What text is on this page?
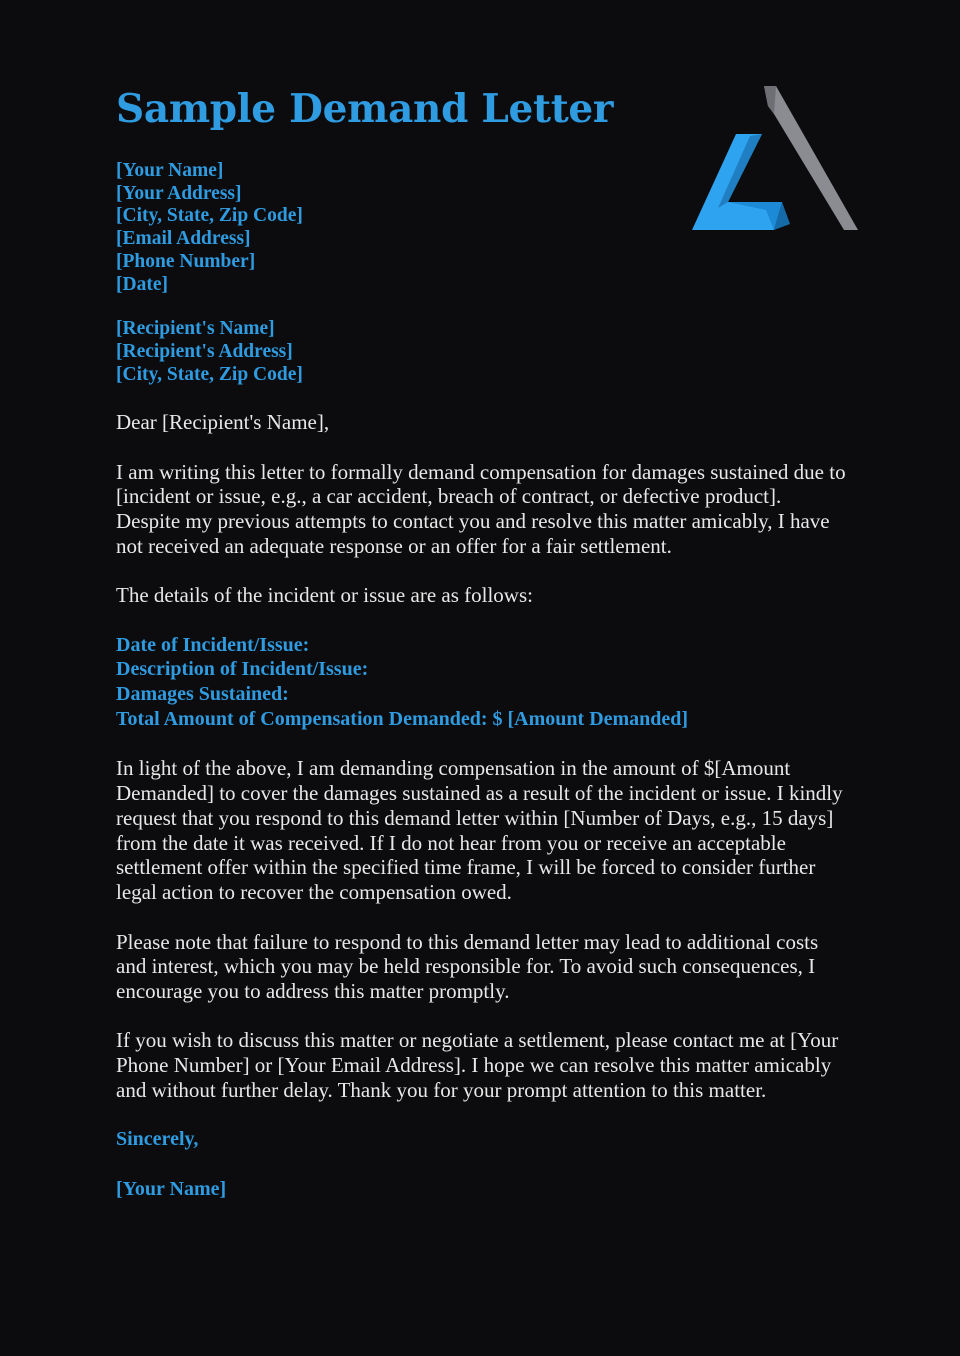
Sample Demand Letter

[Your Name]

[Your Address]

[City, State, Zip Code]

[Email Address]

[Phone Number]

[Date]

[Recipient's Name]

[Recipient's Address]

[City, State, Zip Code]

Dear [Recipient's Name],

I am writing this letter to formally demand compensation for damages sustained due to [incident or issue, e.g., a car accident, breach of contract, or defective product]. Despite my previous attempts to contact you and resolve this matter amicably, I have not received an adequate response or an offer for a fair settlement.

The details of the incident or issue are as follows:

Date of Incident/Issue:

Description of Incident/Issue:

Damages Sustained:

Total Amount of Compensation Demanded: $ [Amount Demanded]

In light of the above, I am demanding compensation in the amount of $[Amount Demanded] to cover the damages sustained as a result of the incident or issue. I kindly request that you respond to this demand letter within [Number of Days, e.g., 15 days] from the date it was received. If I do not hear from you or receive an acceptable settlement offer within the specified time frame, I will be forced to consider further legal action to recover the compensation owed.

Please note that failure to respond to this demand letter may lead to additional costs and interest, which you may be held responsible for. To avoid such consequences, I encourage you to address this matter promptly.

If you wish to discuss this matter or negotiate a settlement, please contact me at [Your Phone Number] or [Your Email Address]. I hope we can resolve this matter amicably and without further delay. Thank you for your prompt attention to this matter.

Sincerely,

[Your Name]
